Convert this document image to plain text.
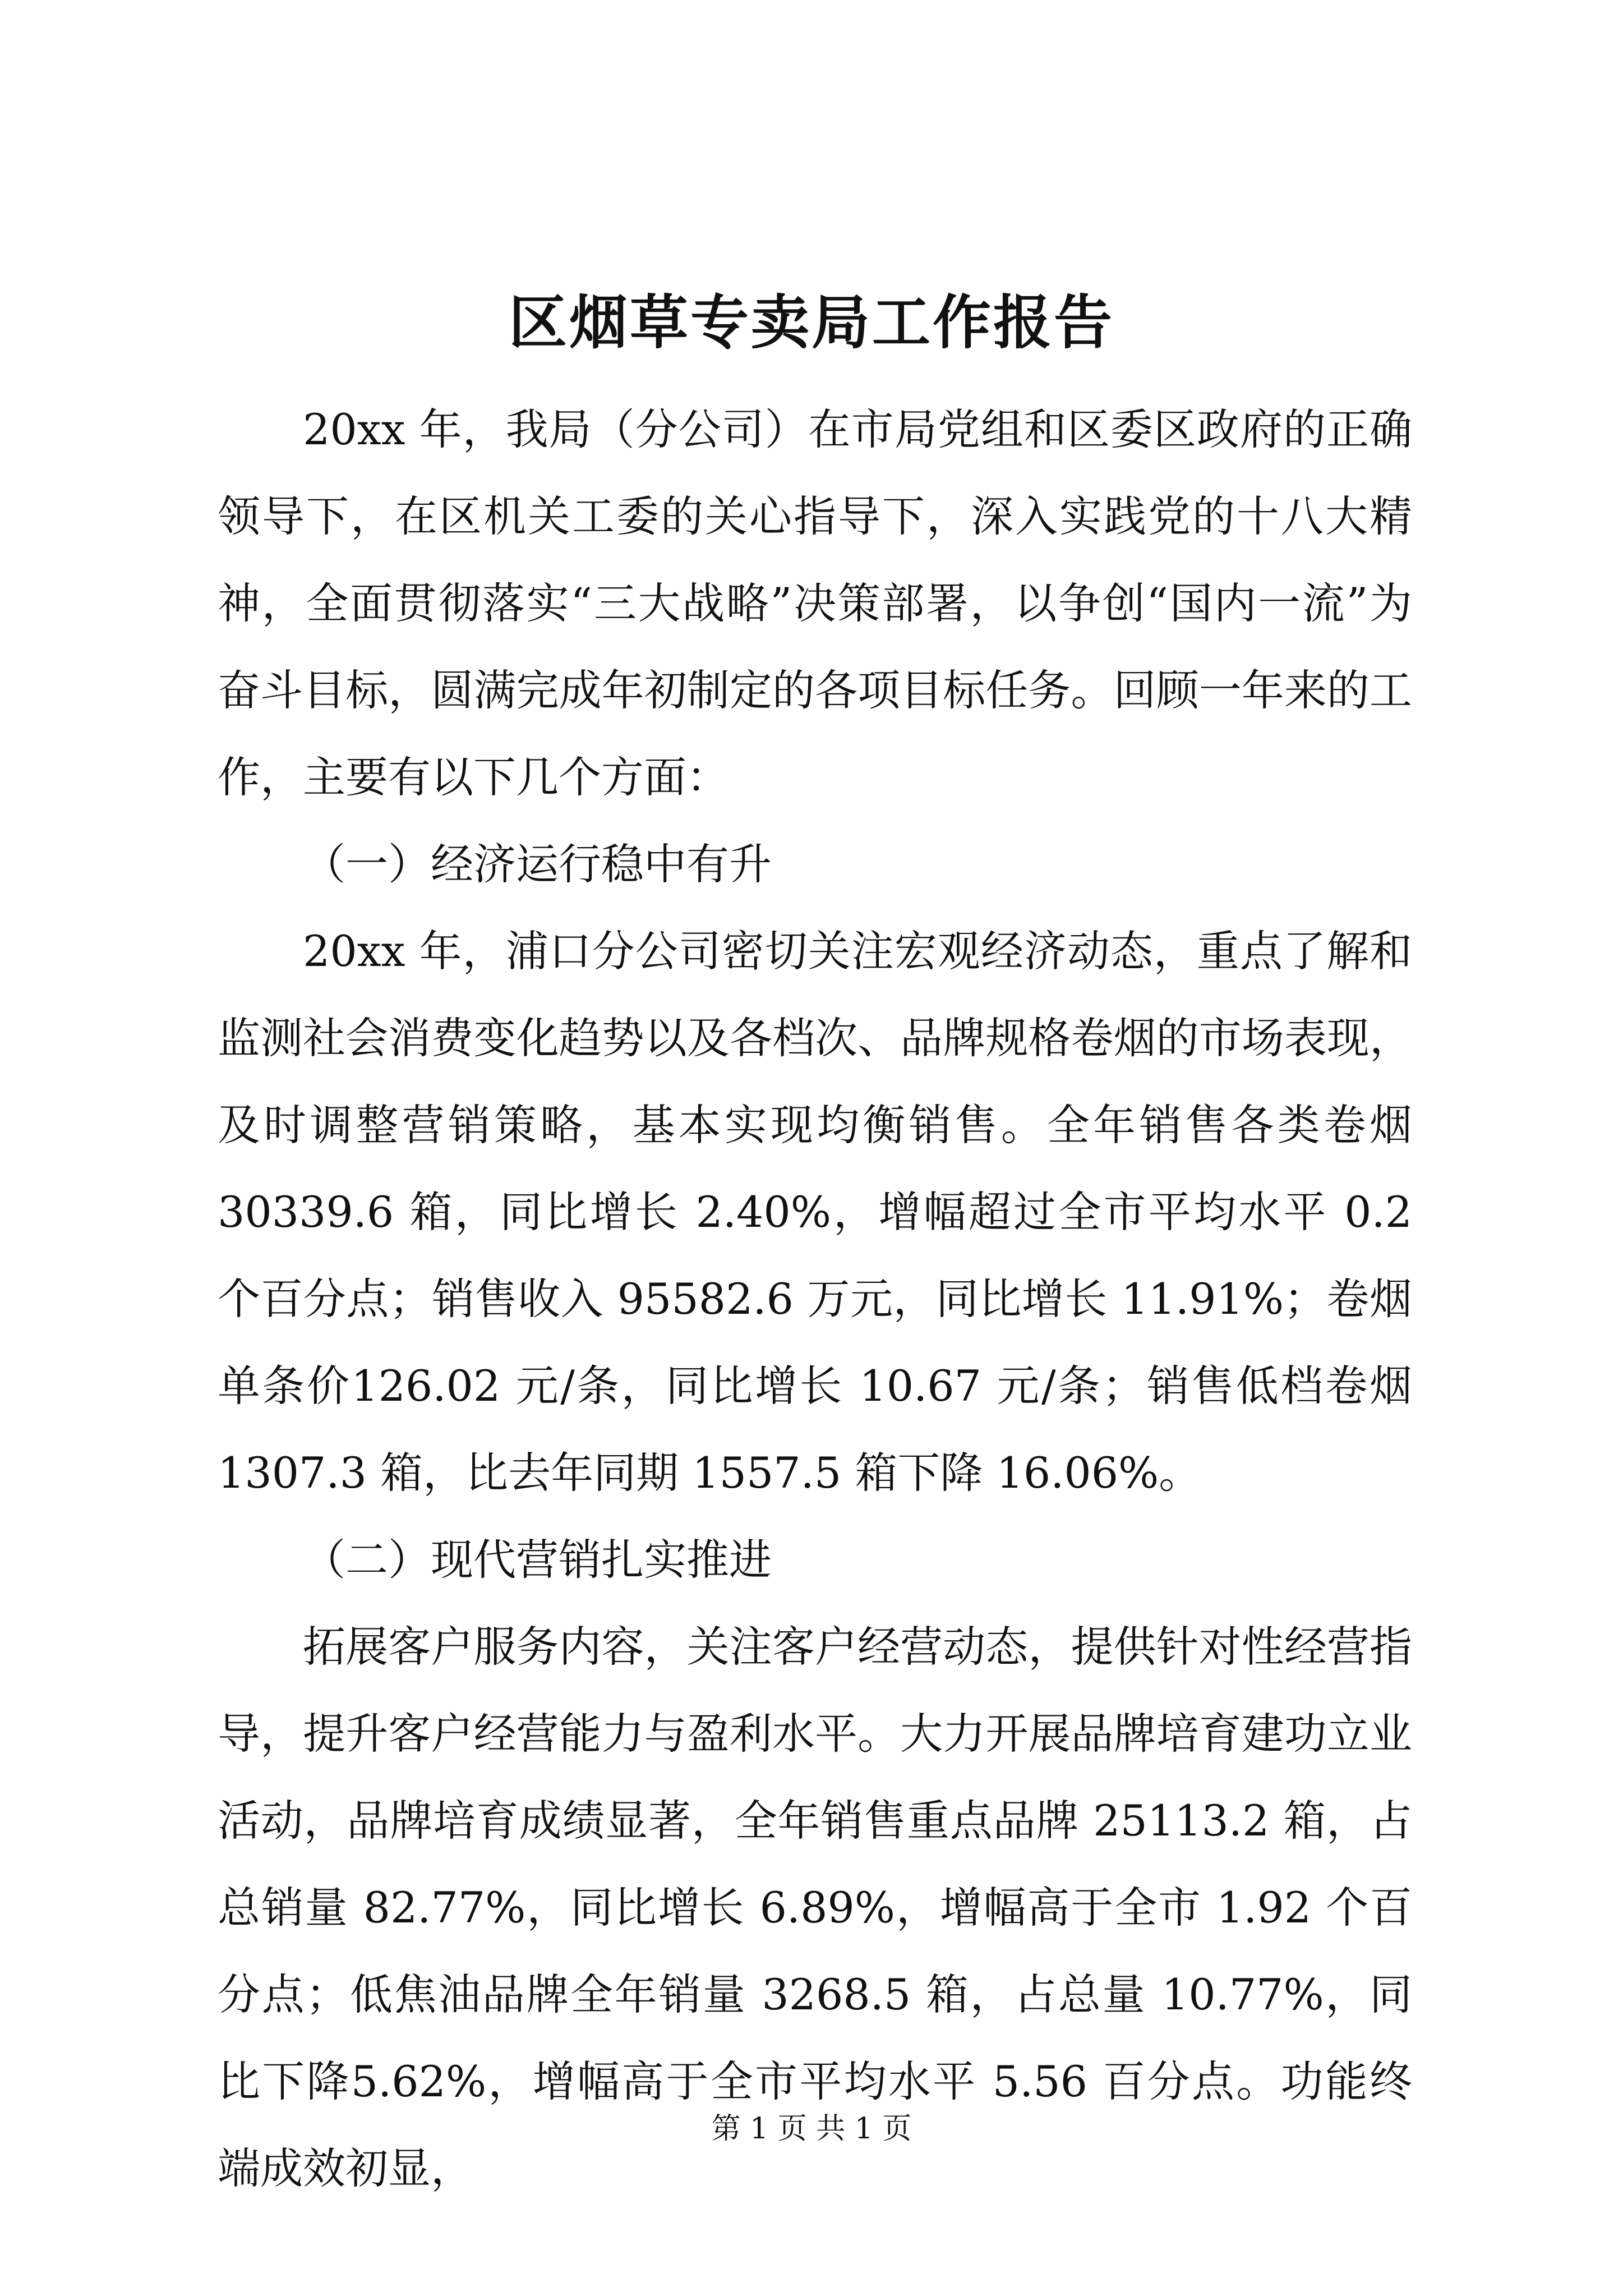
区烟草专卖局工作报告

20xx 年，我局（分公司）在市局党组和区委区政府的正确领导下，在区机关工委的关心指导下，深入实践党的十八大精神，全面贯彻落实“三大战略”决策部署，以争创“国内一流”为奋斗目标，圆满完成年初制定的各项目标任务。回顾一年来的工作，主要有以下几个方面：

（一）经济运行稳中有升

20xx 年，浦口分公司密切关注宏观经济动态，重点了解和监测社会消费变化趋势以及各档次、品牌规格卷烟的市场表现，及时调整营销策略，基本实现均衡销售。全年销售各类卷烟30339.6 箱，同比增长 2.40%，增幅超过全市平均水平 0.2 个百分点；销售收入 95582.6 万元，同比增长 11.91%；卷烟单条价126.02 元/条，同比增长 10.67 元/条；销售低档卷烟 1307.3 箱，比去年同期 1557.5 箱下降 16.06%。

（二）现代营销扎实推进

拓展客户服务内容，关注客户经营动态，提供针对性经营指导，提升客户经营能力与盈利水平。大力开展品牌培育建功立业活动，品牌培育成绩显著，全年销售重点品牌 25113.2 箱，占总销量 82.77%，同比增长 6.89%，增幅高于全市 1.92 个百分点；低焦油品牌全年销量 3268.5 箱，占总量 10.77%，同比下降5.62%，增幅高于全市平均水平 5.56 百分点。功能终端成效初显，

第 1 页 共 1 页
